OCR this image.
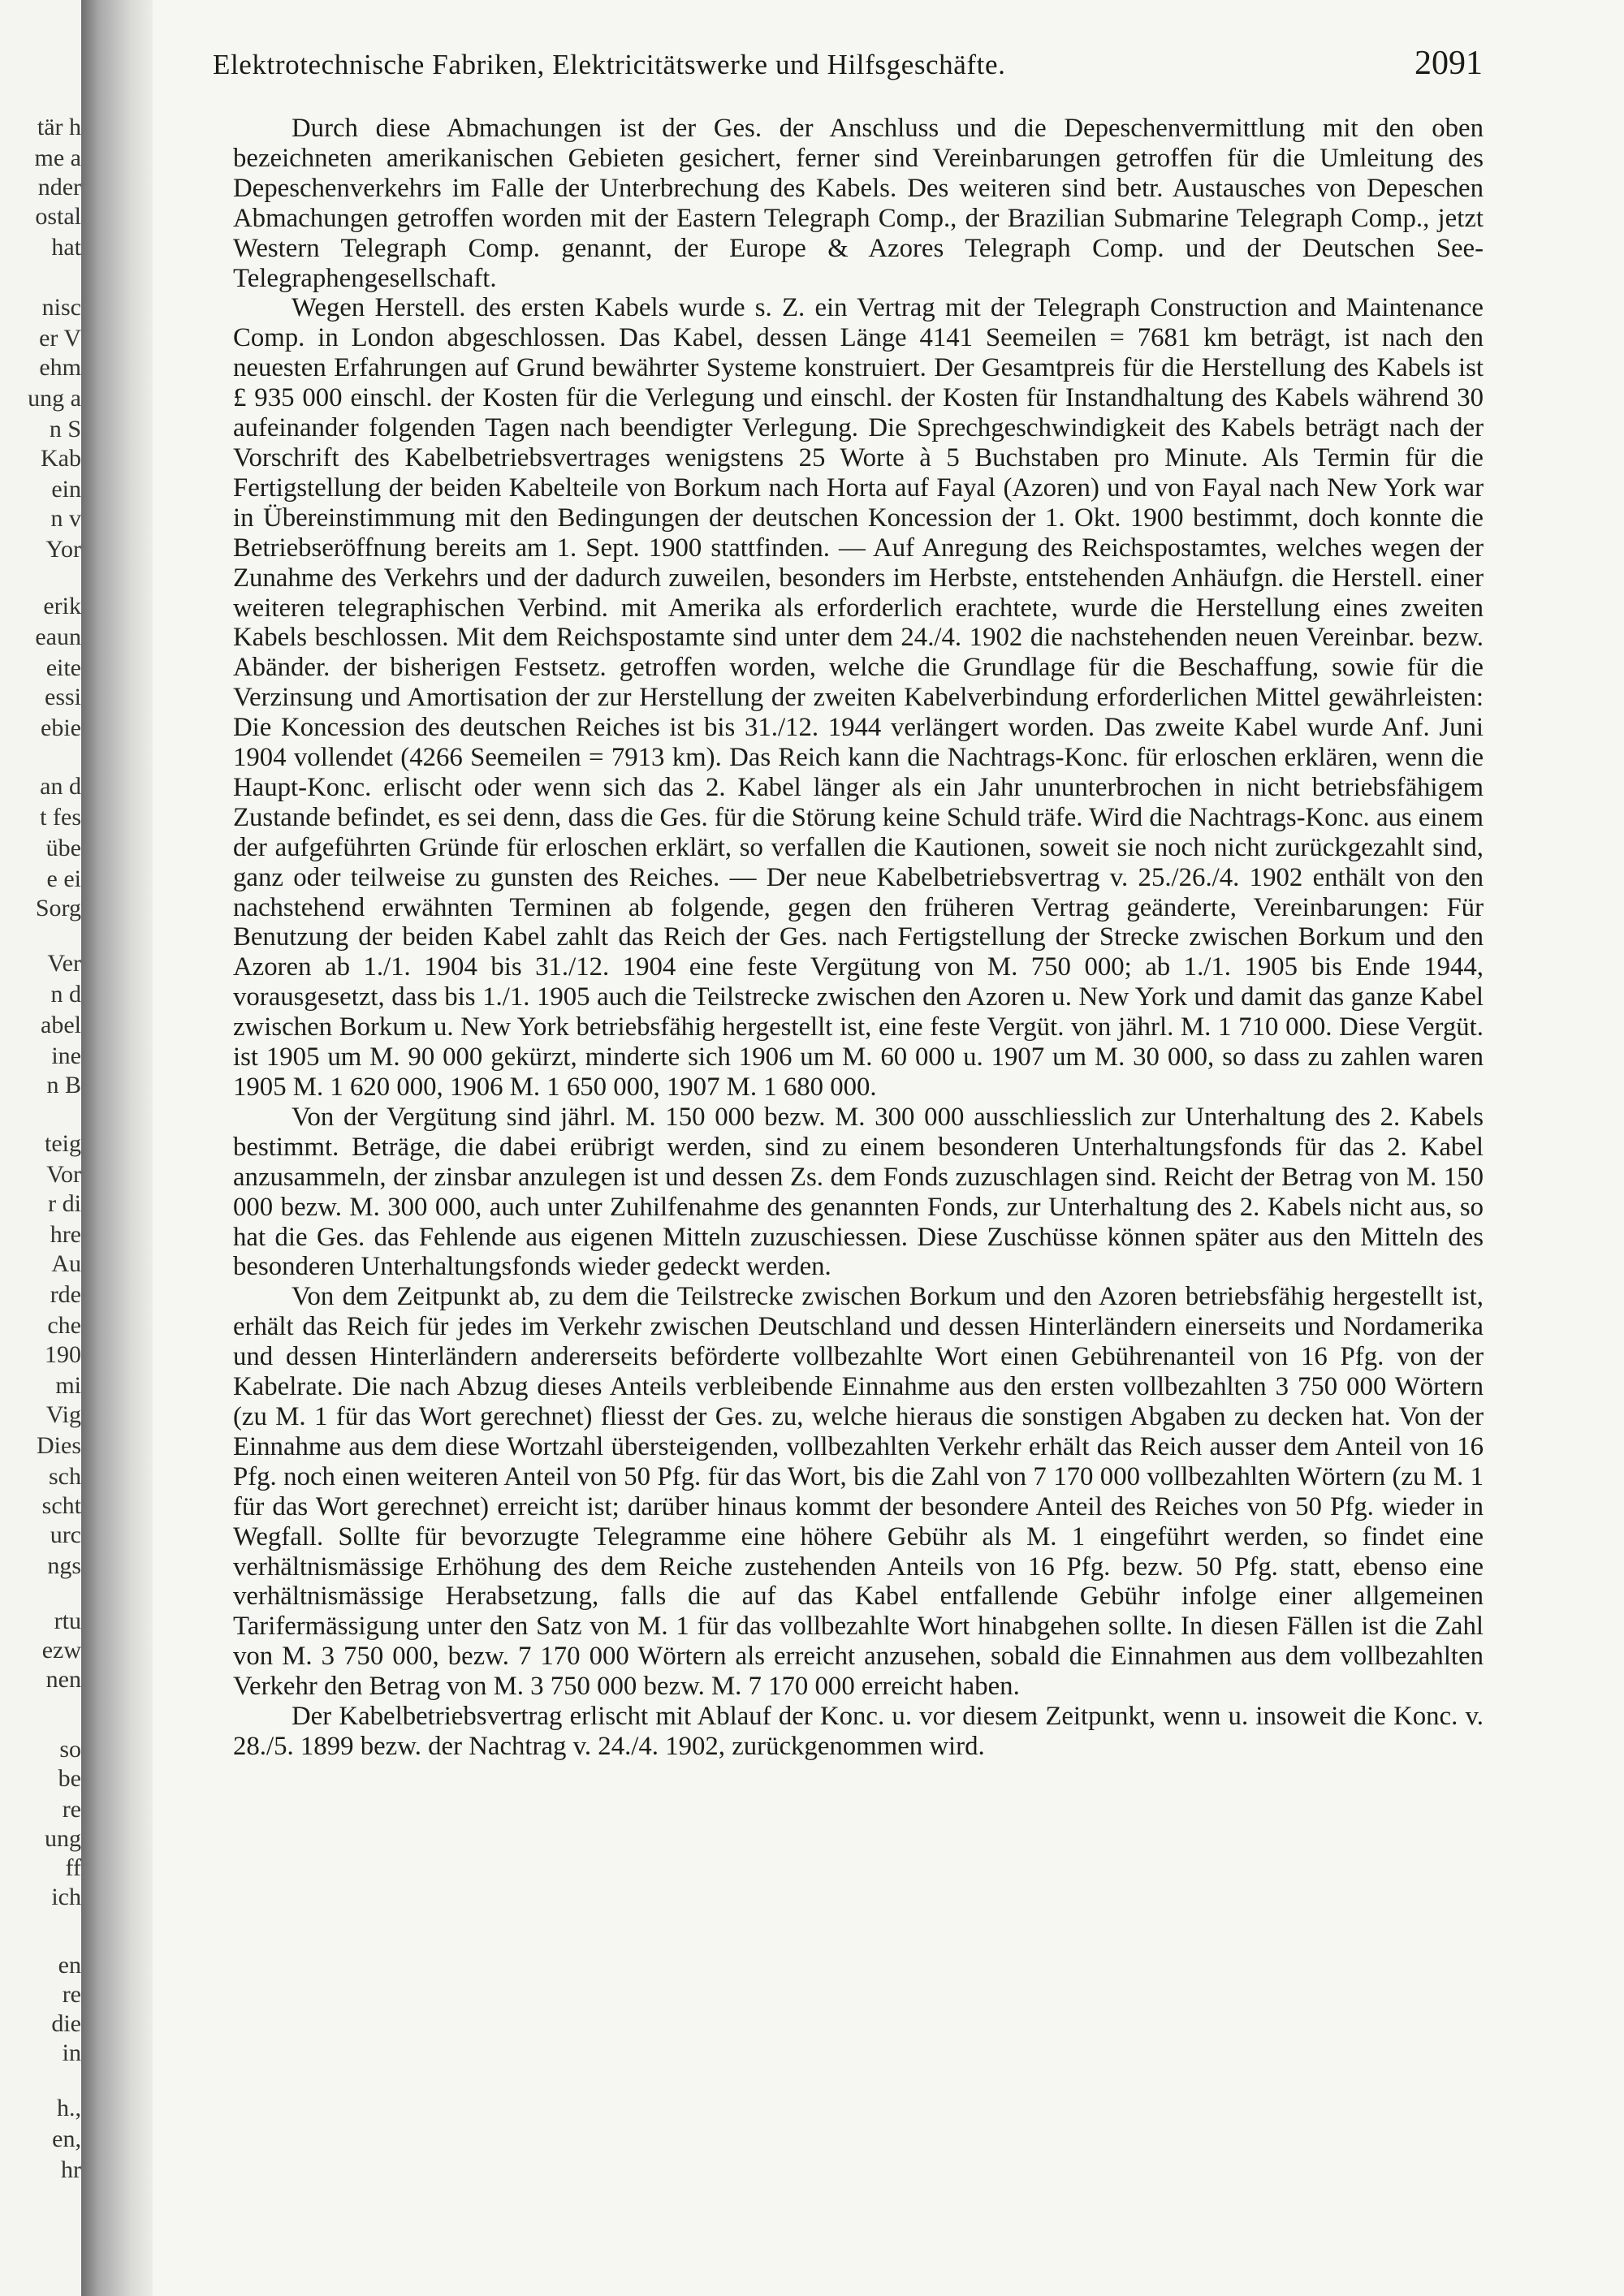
tär h
me a
nder
ostal
hat
nisc
er V
ehm
ung a
n S
Kab
ein
n v
Yor
erik
eaun
eite
essi
ebie
an d
t fes
übe
e ei
Sorg
Ver
n d
abel
ine
n B
teig
Vor
r di
hre
Au
rde
che
190
mi
Vig
Dies
sch
scht
urc
ngs
rtu
ezw
nen
so
be
re
ung
ff
ich
en
re
die
in
h.,
en,
hr
Elektrotechnische Fabriken, Elektricitätswerke und Hilfsgeschäfte.	2091

Durch diese Abmachungen ist der Ges. der Anschluss und die Depeschenvermittlung mit den oben bezeichneten amerikanischen Gebieten gesichert, ferner sind Vereinbarungen getroffen für die Umleitung des Depeschenverkehrs im Falle der Unterbrechung des Kabels. Des weiteren sind betr. Austausches von Depeschen Abmachungen getroffen worden mit der Eastern Telegraph Comp., der Brazilian Submarine Telegraph Comp., jetzt Western Telegraph Comp. genannt, der Europe & Azores Telegraph Comp. und der Deutschen See-Telegraphengesellschaft.

Wegen Herstell. des ersten Kabels wurde s. Z. ein Vertrag mit der Telegraph Construction and Maintenance Comp. in London abgeschlossen. Das Kabel, dessen Länge 4141 Seemeilen = 7681 km beträgt, ist nach den neuesten Erfahrungen auf Grund bewährter Systeme konstruiert. Der Gesamtpreis für die Herstellung des Kabels ist £ 935 000 einschl. der Kosten für die Verlegung und einschl. der Kosten für Instandhaltung des Kabels während 30 aufeinander folgenden Tagen nach beendigter Verlegung. Die Sprechgeschwindigkeit des Kabels beträgt nach der Vorschrift des Kabelbetriebsvertrages wenigstens 25 Worte à 5 Buchstaben pro Minute. Als Termin für die Fertigstellung der beiden Kabelteile von Borkum nach Horta auf Fayal (Azoren) und von Fayal nach New York war in Übereinstimmung mit den Bedingungen der deutschen Koncession der 1. Okt. 1900 bestimmt, doch konnte die Betriebseröffnung bereits am 1. Sept. 1900 stattfinden. — Auf Anregung des Reichspostamtes, welches wegen der Zunahme des Verkehrs und der dadurch zuweilen, besonders im Herbste, entstehenden Anhäufgn. die Herstell. einer weiteren telegraphischen Verbind. mit Amerika als erforderlich erachtete, wurde die Herstellung eines zweiten Kabels beschlossen. Mit dem Reichspostamte sind unter dem 24./4. 1902 die nachstehenden neuen Vereinbar. bezw. Abänder. der bisherigen Festsetz. getroffen worden, welche die Grundlage für die Beschaffung, sowie für die Verzinsung und Amortisation der zur Herstellung der zweiten Kabelverbindung erforderlichen Mittel gewährleisten: Die Koncession des deutschen Reiches ist bis 31./12. 1944 verlängert worden. Das zweite Kabel wurde Anf. Juni 1904 vollendet (4266 Seemeilen = 7913 km). Das Reich kann die Nachtrags-Konc. für erloschen erklären, wenn die Haupt-Konc. erlischt oder wenn sich das 2. Kabel länger als ein Jahr ununterbrochen in nicht betriebsfähigem Zustande befindet, es sei denn, dass die Ges. für die Störung keine Schuld träfe. Wird die Nachtrags-Konc. aus einem der aufgeführten Gründe für erloschen erklärt, so verfallen die Kautionen, soweit sie noch nicht zurückgezahlt sind, ganz oder teilweise zu gunsten des Reiches. — Der neue Kabelbetriebsvertrag v. 25./26./4. 1902 enthält von den nachstehend erwähnten Terminen ab folgende, gegen den früheren Vertrag geänderte, Vereinbarungen: Für Benutzung der beiden Kabel zahlt das Reich der Ges. nach Fertigstellung der Strecke zwischen Borkum und den Azoren ab 1./1. 1904 bis 31./12. 1904 eine feste Vergütung von M. 750 000; ab 1./1. 1905 bis Ende 1944, vorausgesetzt, dass bis 1./1. 1905 auch die Teilstrecke zwischen den Azoren u. New York und damit das ganze Kabel zwischen Borkum u. New York betriebsfähig hergestellt ist, eine feste Vergüt. von jährl. M. 1 710 000. Diese Vergüt. ist 1905 um M. 90 000 gekürzt, minderte sich 1906 um M. 60 000 u. 1907 um M. 30 000, so dass zu zahlen waren 1905 M. 1 620 000, 1906 M. 1 650 000, 1907 M. 1 680 000.

Von der Vergütung sind jährl. M. 150 000 bezw. M. 300 000 ausschliesslich zur Unterhaltung des 2. Kabels bestimmt. Beträge, die dabei erübrigt werden, sind zu einem besonderen Unterhaltungsfonds für das 2. Kabel anzusammeln, der zinsbar anzulegen ist und dessen Zs. dem Fonds zuzuschlagen sind. Reicht der Betrag von M. 150 000 bezw. M. 300 000, auch unter Zuhilfenahme des genannten Fonds, zur Unterhaltung des 2. Kabels nicht aus, so hat die Ges. das Fehlende aus eigenen Mitteln zuzuschiessen. Diese Zuschüsse können später aus den Mitteln des besonderen Unterhaltungsfonds wieder gedeckt werden.

Von dem Zeitpunkt ab, zu dem die Teilstrecke zwischen Borkum und den Azoren betriebsfähig hergestellt ist, erhält das Reich für jedes im Verkehr zwischen Deutschland und dessen Hinterländern einerseits und Nordamerika und dessen Hinterländern andererseits beförderte vollbezahlte Wort einen Gebührenanteil von 16 Pfg. von der Kabelrate. Die nach Abzug dieses Anteils verbleibende Einnahme aus den ersten vollbezahlten 3 750 000 Wörtern (zu M. 1 für das Wort gerechnet) fliesst der Ges. zu, welche hieraus die sonstigen Abgaben zu decken hat. Von der Einnahme aus dem diese Wortzahl übersteigenden, vollbezahlten Verkehr erhält das Reich ausser dem Anteil von 16 Pfg. noch einen weiteren Anteil von 50 Pfg. für das Wort, bis die Zahl von 7 170 000 vollbezahlten Wörtern (zu M. 1 für das Wort gerechnet) erreicht ist; darüber hinaus kommt der besondere Anteil des Reiches von 50 Pfg. wieder in Wegfall. Sollte für bevorzugte Telegramme eine höhere Gebühr als M. 1 eingeführt werden, so findet eine verhältnismässige Erhöhung des dem Reiche zustehenden Anteils von 16 Pfg. bezw. 50 Pfg. statt, ebenso eine verhältnismässige Herabsetzung, falls die auf das Kabel entfallende Gebühr infolge einer allgemeinen Tarifermässigung unter den Satz von M. 1 für das vollbezahlte Wort hinabgehen sollte. In diesen Fällen ist die Zahl von M. 3 750 000, bezw. 7 170 000 Wörtern als erreicht anzusehen, sobald die Einnahmen aus dem vollbezahlten Verkehr den Betrag von M. 3 750 000 bezw. M. 7 170 000 erreicht haben.

Der Kabelbetriebsvertrag erlischt mit Ablauf der Konc. u. vor diesem Zeitpunkt, wenn u. insoweit die Konc. v. 28./5. 1899 bezw. der Nachtrag v. 24./4. 1902, zurückgenommen wird.
